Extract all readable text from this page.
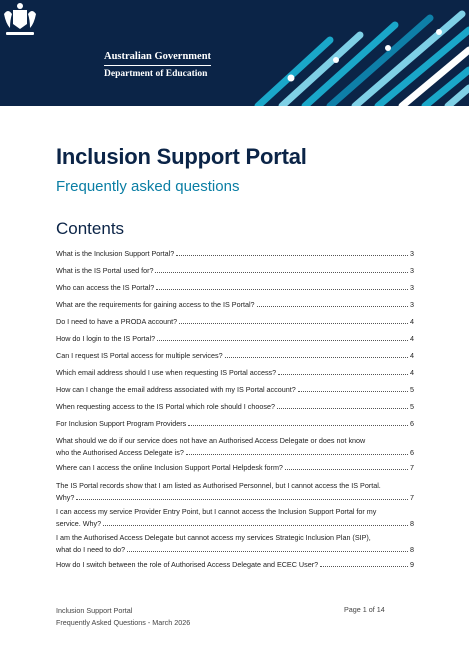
Australian Government
Department of Education
Inclusion Support Portal
Frequently asked questions
Contents
What is the Inclusion Support Portal?	3
What is the IS Portal used for?	3
Who can access the IS Portal?	3
What are the requirements for gaining access to the IS Portal?	3
Do I need to have a PRODA account?	4
How do I login to the IS Portal?	4
Can I request IS Portal access for multiple services?	4
Which email address should I use when requesting IS Portal access?	4
How can I change the email address associated with my IS Portal account?	5
When requesting access to the IS Portal which role should I choose?	5
For Inclusion Support Program Providers	6
What should we do if our service does not have an Authorised Access Delegate or does not know
who the Authorised Access Delegate is?	6
Where can I access the online Inclusion Support Portal Helpdesk form?	7
The IS Portal records show that I am listed as Authorised Personnel, but I cannot access the IS Portal.
Why?	7
I can access my service Provider Entry Point, but I cannot access the Inclusion Support Portal for my
service. Why?	8
I am the Authorised Access Delegate but cannot access my services Strategic Inclusion Plan (SIP),
what do I need to do?	8
How do I switch between the role of Authorised Access Delegate and ECEC User?	9
Inclusion Support Portal
Frequently Asked Questions - March 2026
Page 1 of 14
